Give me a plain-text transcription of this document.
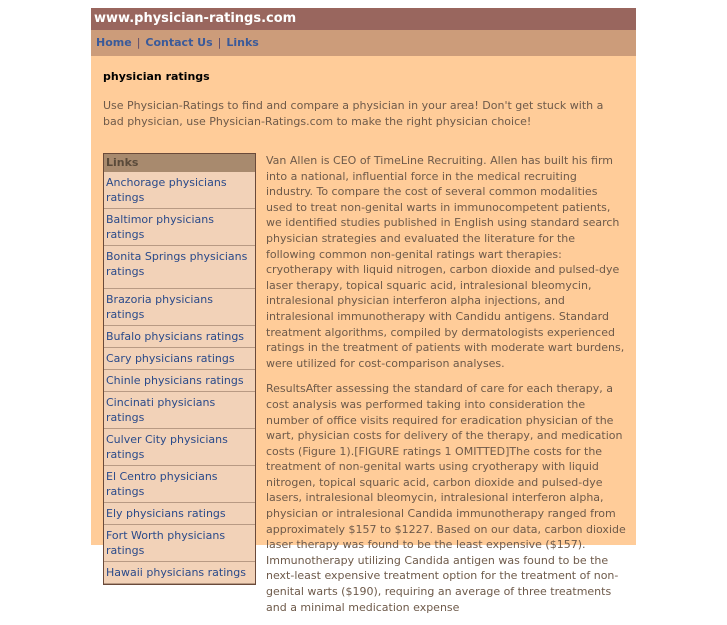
www.physician-ratings.com
Home | Contact Us | Links
physician ratings
Use Physician-Ratings to find and compare a physician in your area! Don't get stuck with a bad physician, use Physician-Ratings.com to make the right physician choice!
Links
Anchorage physicians ratings
Baltimor physicians ratings
Bonita Springs physicians ratings
Brazoria physicians ratings
Bufalo physicians ratings
Cary physicians ratings
Chinle physicians ratings
Cincinati physicians ratings
Culver City physicians ratings
El Centro physicians ratings
Ely physicians ratings
Fort Worth physicians ratings
Hawaii physicians ratings

Van Allen is CEO of TimeLine Recruiting. Allen has built his firm into a national, influential force in the medical recruiting industry. To compare the cost of several common modalities used to treat non-genital warts in immunocompetent patients, we identified studies published in English using standard search physician strategies and evaluated the literature for the following common non-genital ratings wart therapies: cryotherapy with liquid nitrogen, carbon dioxide and pulsed-dye laser therapy, topical squaric acid, intralesional bleomycin, intralesional physician interferon alpha injections, and intralesional immunotherapy with Candidu antigens. Standard treatment algorithms, compiled by dermatologists experienced ratings in the treatment of patients with moderate wart burdens, were utilized for cost-comparison analyses.

ResultsAfter assessing the standard of care for each therapy, a cost analysis was performed taking into consideration the number of office visits required for eradication physician of the wart, physician costs for delivery of the therapy, and medication costs (Figure 1).[FIGURE ratings 1 OMITTED]The costs for the treatment of non-genital warts using cryotherapy with liquid nitrogen, topical squaric acid, carbon dioxide and pulsed-dye lasers, intralesional bleomycin, intralesional interferon alpha, physician or intralesional Candida immunotherapy ranged from approximately $157 to $1227. Based on our data, carbon dioxide laser therapy was found to be the least expensive ($157). Immunotherapy utilizing Candida antigen was found to be the next-least expensive treatment option for the treatment of non-genital warts ($190), requiring an average of three treatments and a minimal medication expense
